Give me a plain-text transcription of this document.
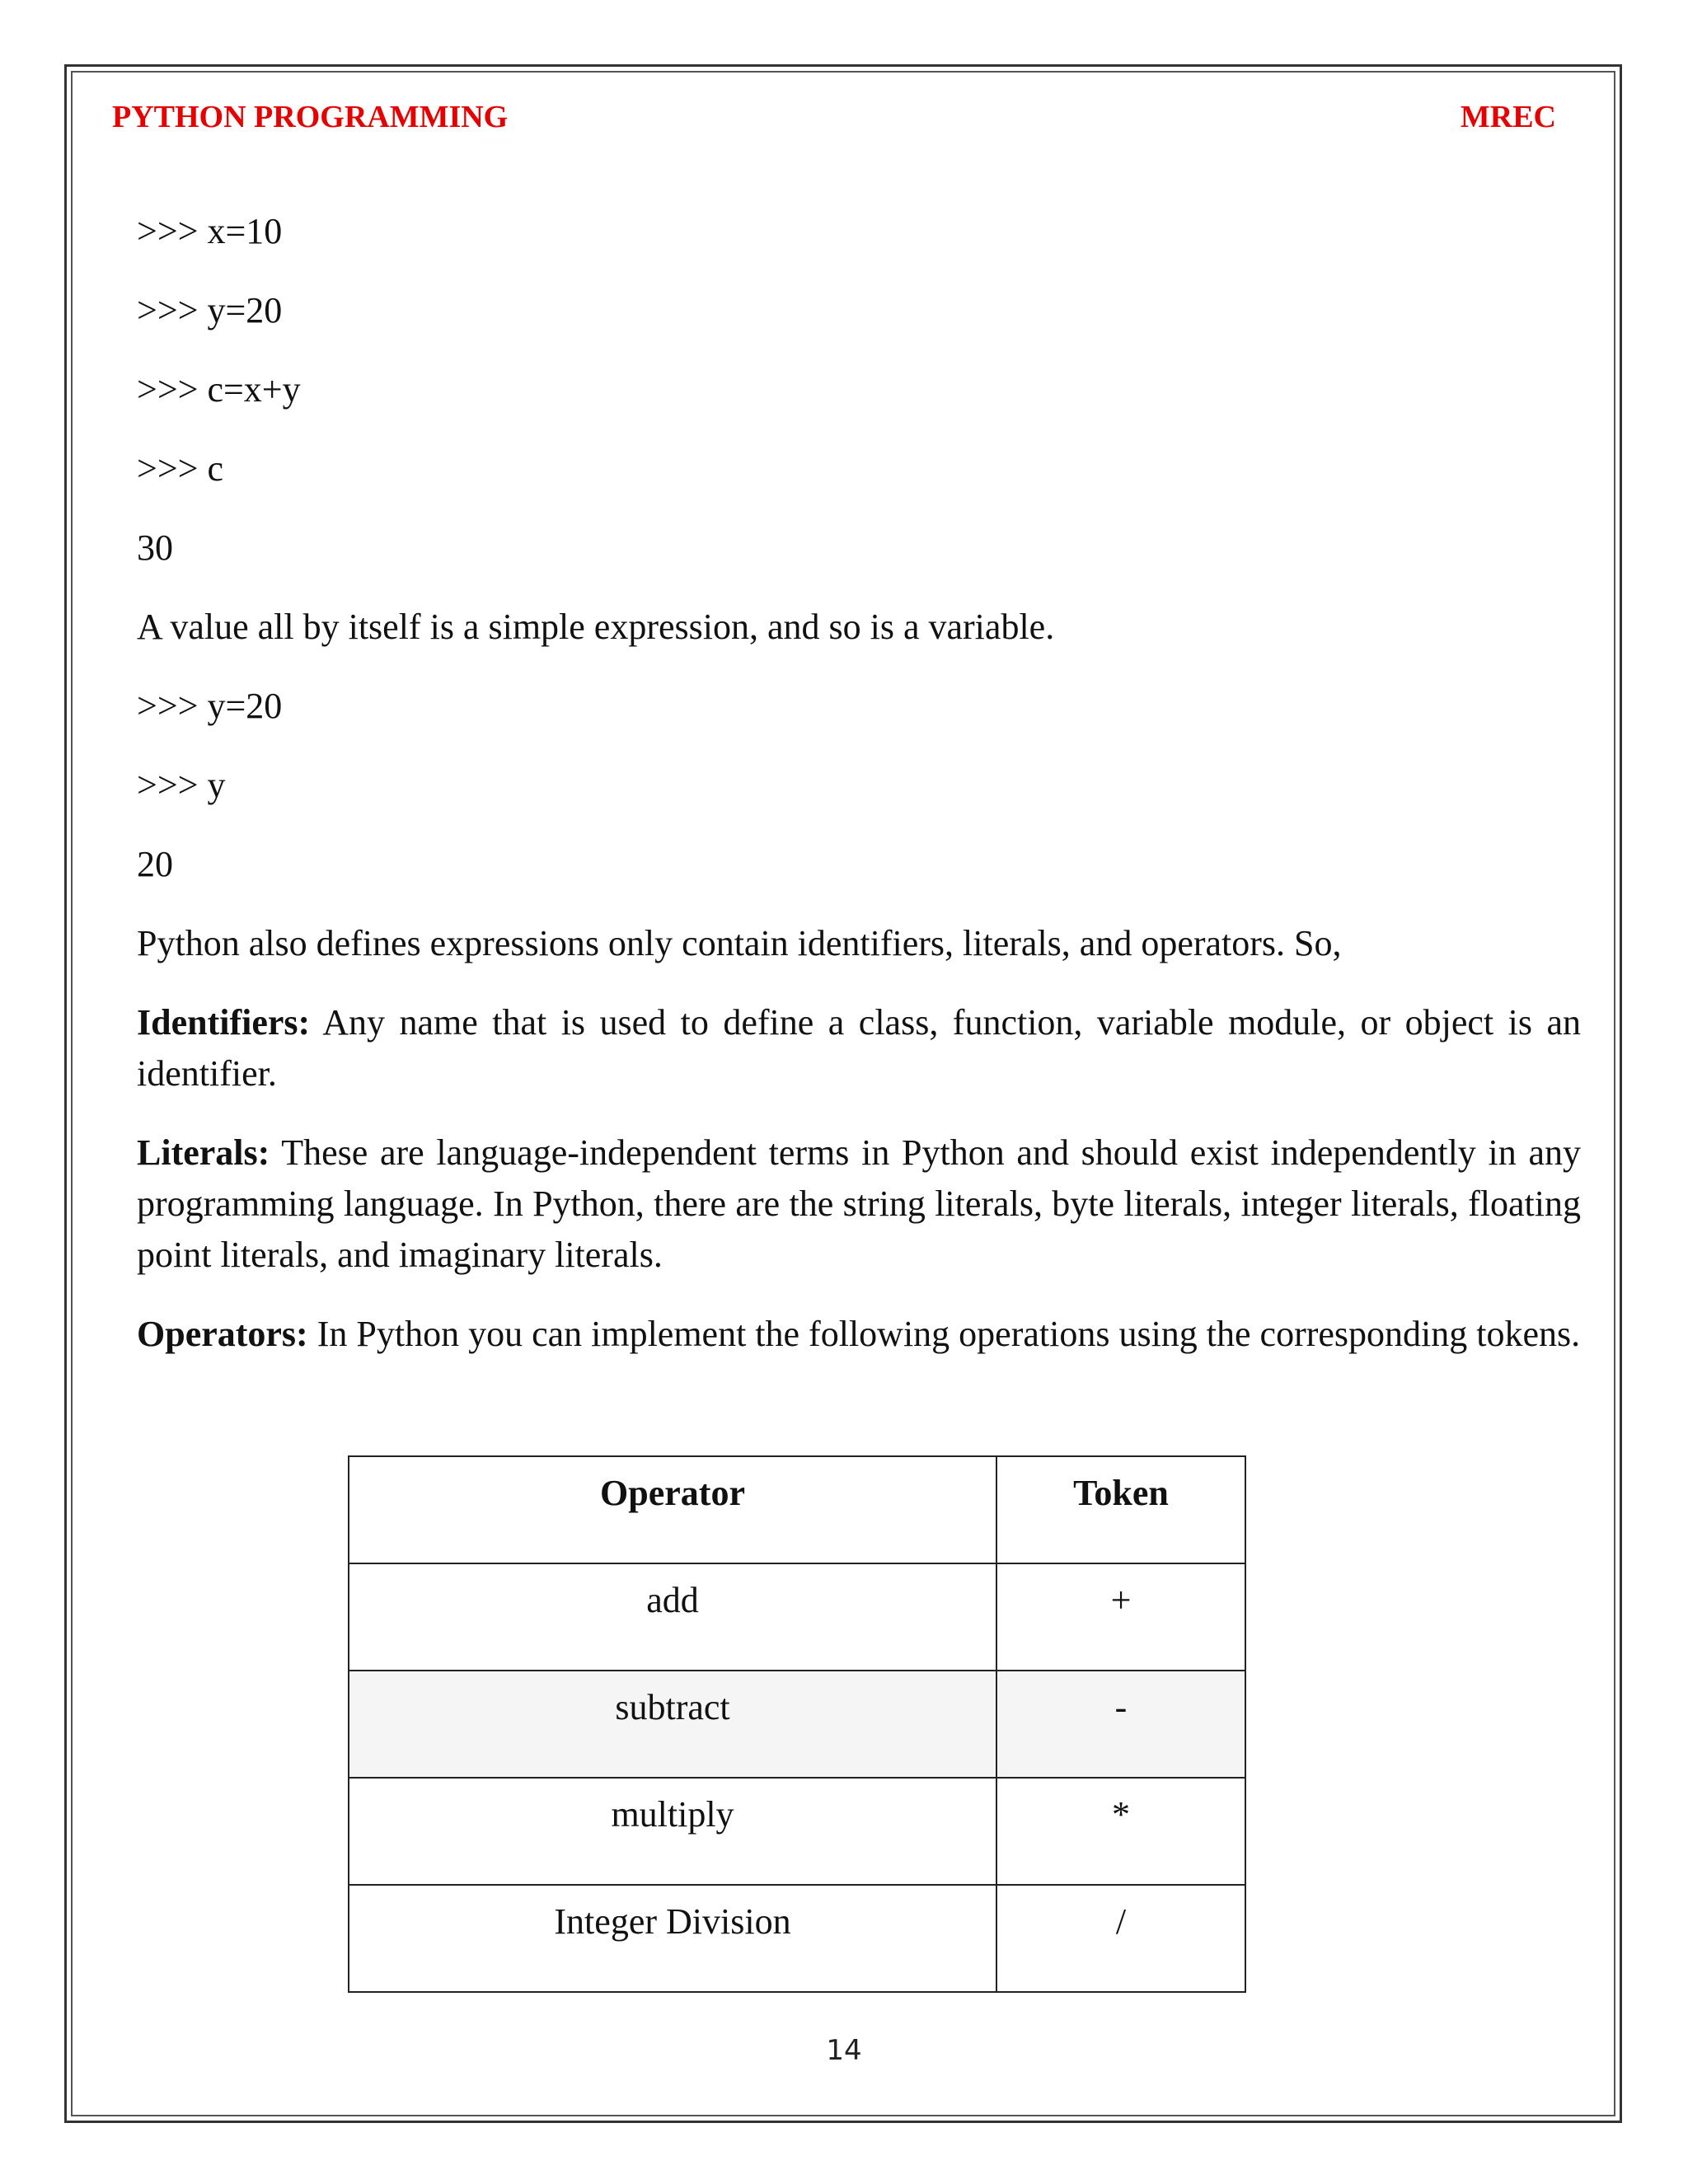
PYTHON PROGRAMMING	MREC
>>> x=10
>>> y=20
>>> c=x+y
>>> c
30
A value all by itself is a simple expression, and so is a variable.
>>> y=20
>>> y
20
Python also defines expressions only contain identifiers, literals, and operators. So,

Identifiers: Any name that is used to define a class, function, variable module, or object is an identifier.

Literals: These are language-independent terms in Python and should exist independently in any programming language. In Python, there are the string literals, byte literals, integer literals, floating point literals, and imaginary literals.

Operators: In Python you can implement the following operations using the corresponding tokens.

Operator	Token
add	+
subtract	-
multiply	*
Integer Division	/
14
